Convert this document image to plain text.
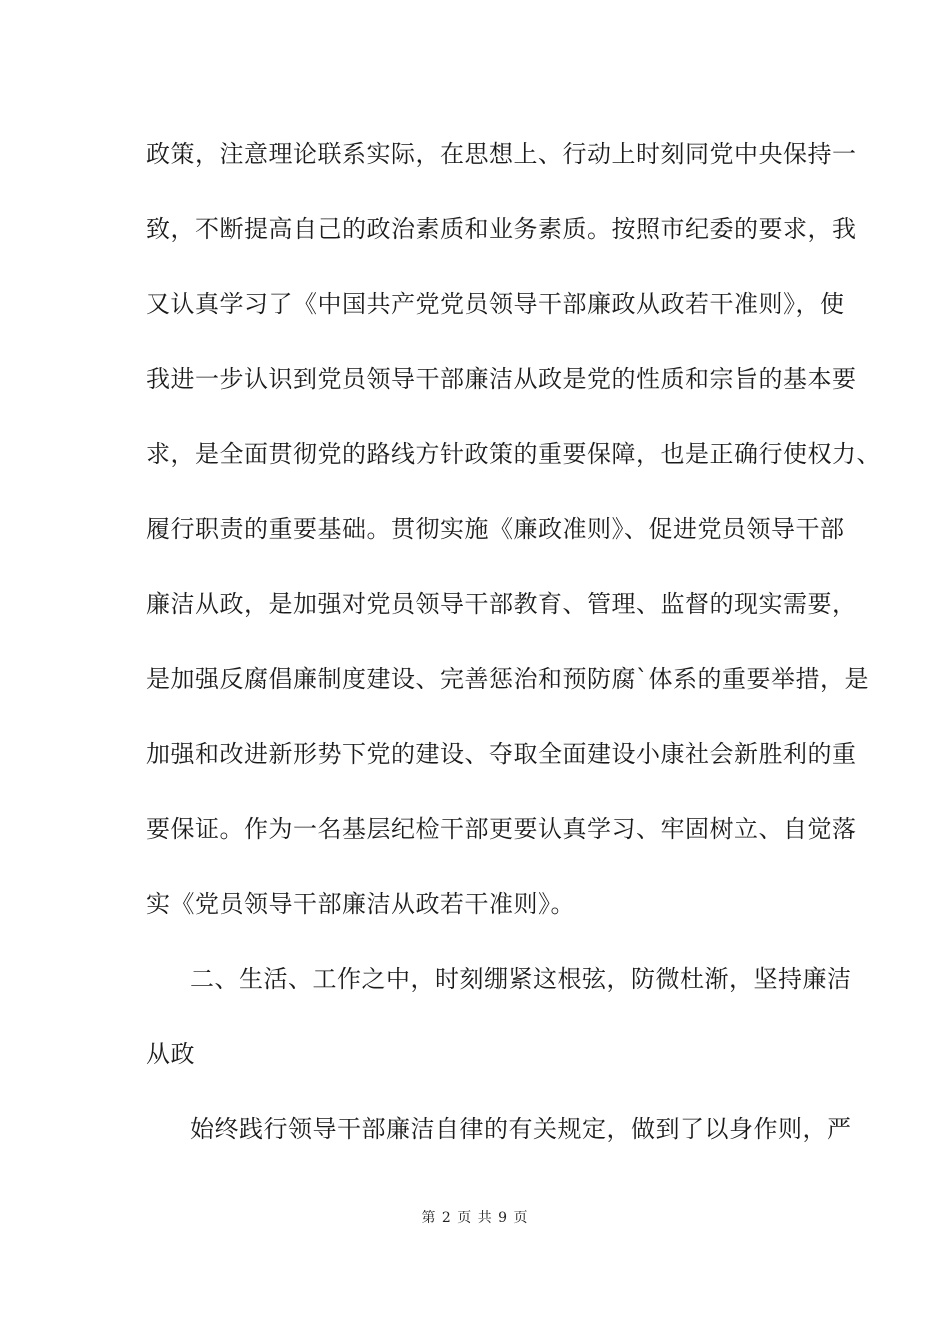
政策，注意理论联系实际，在思想上、行动上时刻同党中央保持一
致，不断提高自己的政治素质和业务素质。按照市纪委的要求，我
又认真学习了《中国共产党党员领导干部廉政从政若干准则》，使
我进一步认识到党员领导干部廉洁从政是党的性质和宗旨的基本要
求，是全面贯彻党的路线方针政策的重要保障，也是正确行使权力、
履行职责的重要基础。贯彻实施《廉政准则》、促进党员领导干部
廉洁从政，是加强对党员领导干部教育、管理、监督的现实需要，
是加强反腐倡廉制度建设、完善惩治和预防腐`体系的重要举措，是
加强和改进新形势下党的建设、夺取全面建设小康社会新胜利的重
要保证。作为一名基层纪检干部更要认真学习、牢固树立、自觉落
实《党员领导干部廉洁从政若干准则》。
二、生活、工作之中，时刻绷紧这根弦，防微杜渐，坚持廉洁
从政
始终践行领导干部廉洁自律的有关规定，做到了以身作则，严
第 2 页 共 9 页
